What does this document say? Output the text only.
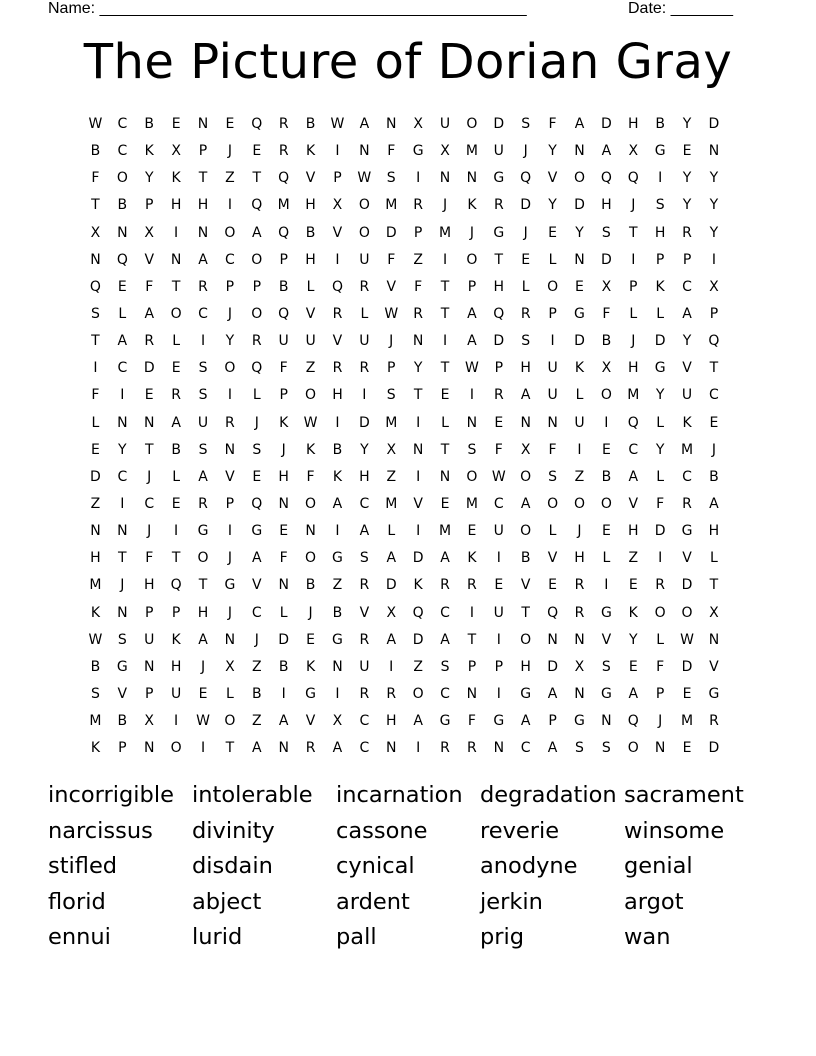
Name: ________________________________________________	Date: _______
The Picture of Dorian Gray
W	C	B	E	N	E	Q	R	B	W	A	N	X	U	O	D	S	F	A	D	H	B	Y	D
B	C	K	X	P	J	E	R	K	I	N	F	G	X	M	U	J	Y	N	A	X	G	E	N
F	O	Y	K	T	Z	T	Q	V	P	W	S	I	N	N	G	Q	V	O	Q	Q	I	Y	Y
T	B	P	H	H	I	Q	M	H	X	O	M	R	J	K	R	D	Y	D	H	J	S	Y	Y
X	N	X	I	N	O	A	Q	B	V	O	D	P	M	J	G	J	E	Y	S	T	H	R	Y
N	Q	V	N	A	C	O	P	H	I	U	F	Z	I	O	T	E	L	N	D	I	P	P	I
Q	E	F	T	R	P	P	B	L	Q	R	V	F	T	P	H	L	O	E	X	P	K	C	X
S	L	A	O	C	J	O	Q	V	R	L	W	R	T	A	Q	R	P	G	F	L	L	A	P
T	A	R	L	I	Y	R	U	U	V	U	J	N	I	A	D	S	I	D	B	J	D	Y	Q
I	C	D	E	S	O	Q	F	Z	R	R	P	Y	T	W	P	H	U	K	X	H	G	V	T
F	I	E	R	S	I	L	P	O	H	I	S	T	E	I	R	A	U	L	O	M	Y	U	C
L	N	N	A	U	R	J	K	W	I	D	M	I	L	N	E	N	N	U	I	Q	L	K	E
E	Y	T	B	S	N	S	J	K	B	Y	X	N	T	S	F	X	F	I	E	C	Y	M	J
D	C	J	L	A	V	E	H	F	K	H	Z	I	N	O	W	O	S	Z	B	A	L	C	B
Z	I	C	E	R	P	Q	N	O	A	C	M	V	E	M	C	A	O	O	O	V	F	R	A
N	N	J	I	G	I	G	E	N	I	A	L	I	M	E	U	O	L	J	E	H	D	G	H
H	T	F	T	O	J	A	F	O	G	S	A	D	A	K	I	B	V	H	L	Z	I	V	L
M	J	H	Q	T	G	V	N	B	Z	R	D	K	R	R	E	V	E	R	I	E	R	D	T
K	N	P	P	H	J	C	L	J	B	V	X	Q	C	I	U	T	Q	R	G	K	O	O	X
W	S	U	K	A	N	J	D	E	G	R	A	D	A	T	I	O	N	N	V	Y	L	W	N
B	G	N	H	J	X	Z	B	K	N	U	I	Z	S	P	P	H	D	X	S	E	F	D	V
S	V	P	U	E	L	B	I	G	I	R	R	O	C	N	I	G	A	N	G	A	P	E	G
M	B	X	I	W	O	Z	A	V	X	C	H	A	G	F	G	A	P	G	N	Q	J	M	R
K	P	N	O	I	T	A	N	R	A	C	N	I	R	R	N	C	A	S	S	O	N	E	D
incorrigible intolerable	incarnation degradation sacrament
narcissus	divinity	cassone	reverie	winsome
stifled	disdain	cynical	anodyne	genial
florid	abject	ardent	jerkin	argot
ennui	lurid	pall	prig	wan
